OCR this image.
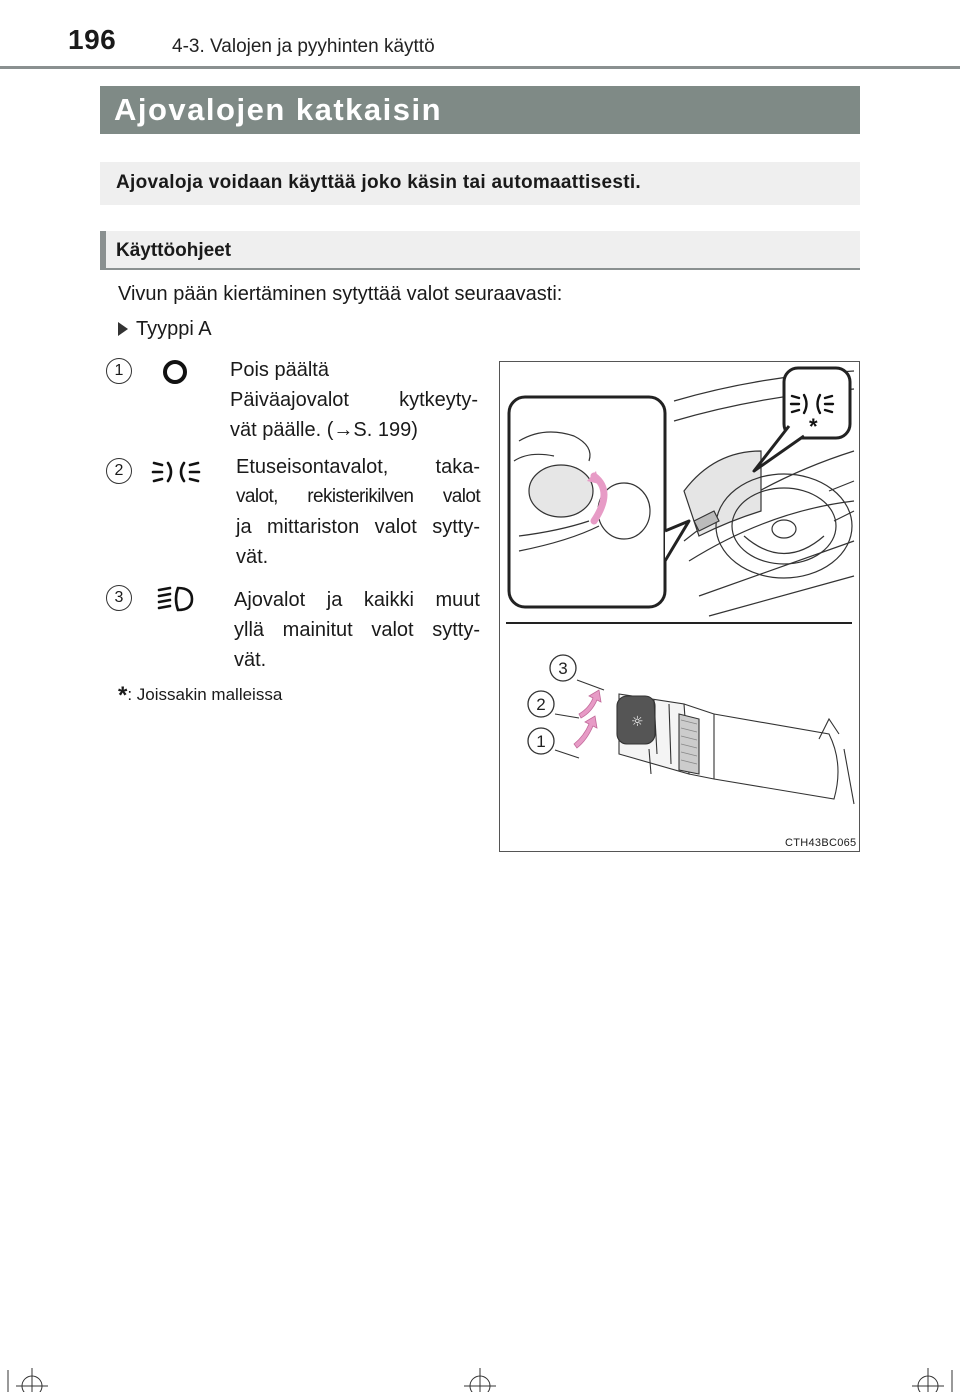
196	4-3. Valojen ja pyyhinten käyttö
Ajovalojen katkaisin
Ajovaloja voidaan käyttää joko käsin tai automaattisesti.
Käyttöohjeet
Vivun pään kiertäminen sytyttää valot seuraavasti:
Tyyppi A
1	Pois päältä
Päiväajovalot kytkeyty-
vät päälle. (→S. 199)
2	Etuseisontavalot, taka-
valot, rekisterikilven valot
ja mittariston valot sytty-
vät.
3	Ajovalot ja kaikki muut
yllä mainitut valot sytty-
vät.
*: Joissakin malleissa
*
3
2
1
☼
CTH43BC065
